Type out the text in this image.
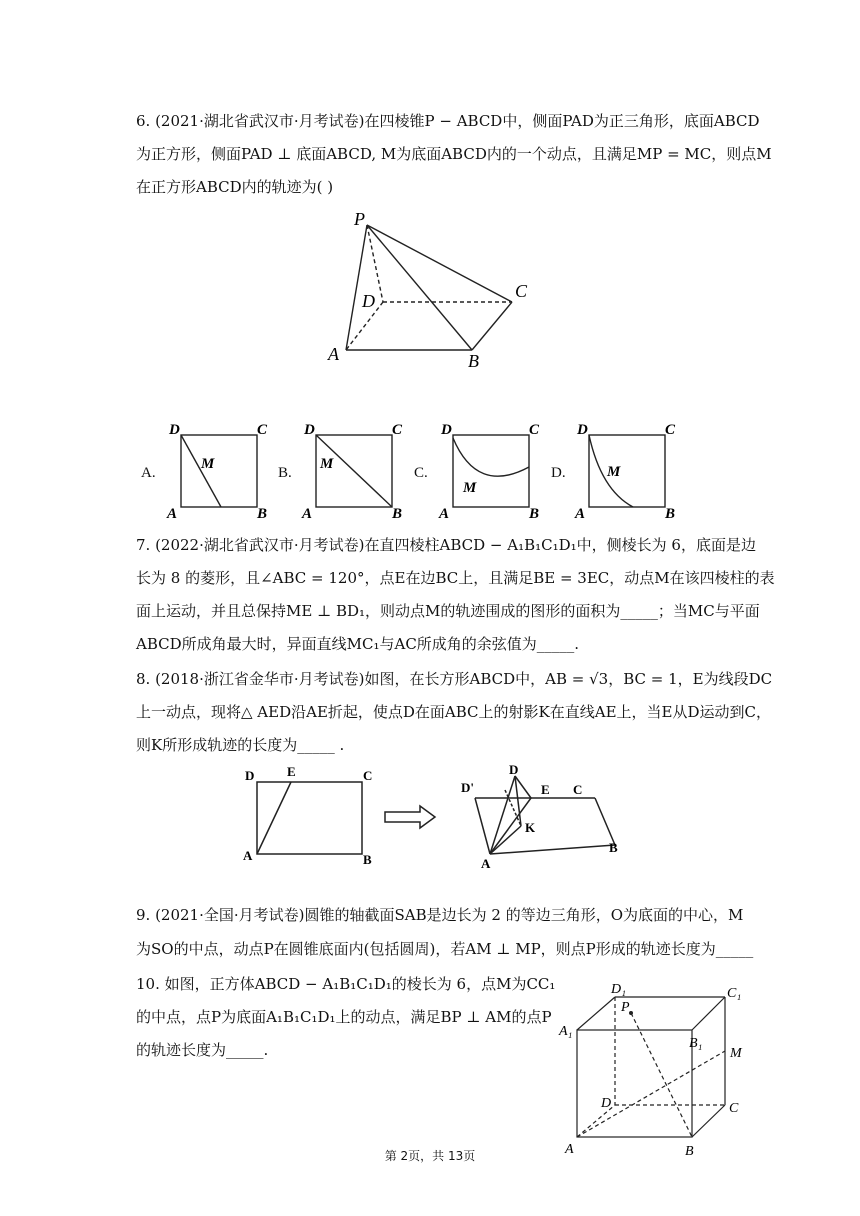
6. (2021·湖北省武汉市·月考试卷)在四棱锥P − ABCD中，侧面PAD为正三角形，底面ABCD
为正方形，侧面PAD ⊥ 底面ABCD, M为底面ABCD内的一个动点，且满足MP = MC，则点M
在正方形ABCD内的轨迹为( )
P
D	C
A	B
A.
D	C
A	B
M
B.
D	C
A	B
M
C.
D	C
A	B
M
D.
D	C
A	B
M
7. (2022·湖北省武汉市·月考试卷)在直四棱柱ABCD − A₁B₁C₁D₁中，侧棱长为 6，底面是边
长为 8 的菱形，且∠ABC = 120°，点E在边BC上，且满足BE = 3EC，动点M在该四棱柱的表
面上运动，并且总保持ME ⊥ BD₁，则动点M的轨迹围成的图形的面积为_____；当MC与平面
ABCD所成角最大时，异面直线MC₁与AC所成角的余弦值为_____.
8. (2018·浙江省金华市·月考试卷)如图，在长方形ABCD中，AB = √3，BC = 1，E为线段DC
上一动点，现将△ AED沿AE折起，使点D在面ABC上的射影K在直线AE上，当E从D运动到C，
则K所形成轨迹的长度为_____ .
D	E	C
A	B
D
D'	E C
K
A
B
9. (2021·全国·月考试卷)圆锥的轴截面SAB是边长为 2 的等边三角形，O为底面的中心，M
为SO的中点，动点P在圆锥底面内(包括圆周)，若AM ⊥ MP，则点P形成的轨迹长度为_____
10. 如图，正方体ABCD − A₁B₁C₁D₁的棱长为 6，点M为CC₁
的中点，点P为底面A₁B₁C₁D₁上的动点，满足BP ⊥ AM的点P
的轨迹长度为_____.
D₁	C₁
P
A₁
B₁
M
D	C
A	B
第 2页，共 13页
